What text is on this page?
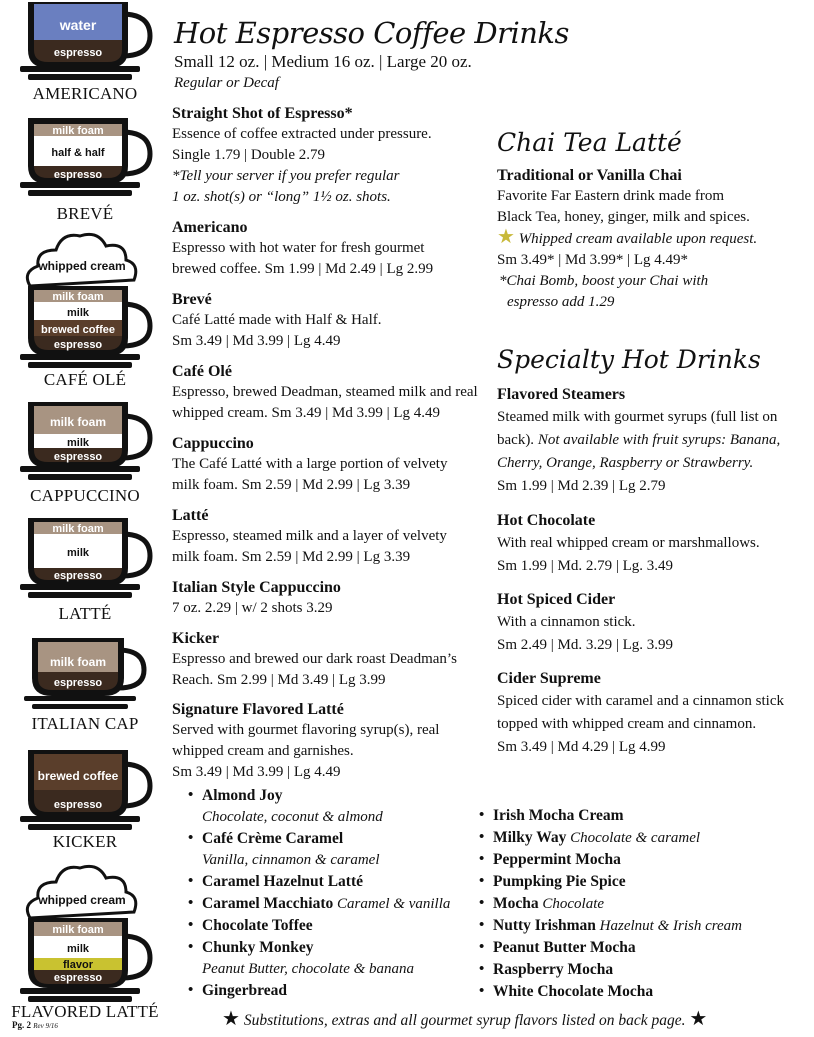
water
espresso
AMERICANO
milk foam
half & half
espresso
BREVÉ
whipped cream
milk foam
milk
brewed coffee
espresso
CAFÉ OLÉ
milk foam
milk
espresso
CAPPUCCINO
milk foam
milk
espresso
LATTÉ
milk foam
espresso
ITALIAN CAP
brewed coffee
espresso
KICKER
whipped cream
milk foam
milk
flavor
espresso
FLAVORED LATTÉ
Pg. 2 Rev 9/16
Hot Espresso Coffee Drinks
Small 12 oz. | Medium 16 oz. | Large 20 oz.
Regular or Decaf
Straight Shot of Espresso*
Essence of coffee extracted under pressure.
Single 1.79 | Double 2.79
*Tell your server if you prefer regular
1 oz. shot(s) or “long” 1½ oz. shots.
Americano
Espresso with hot water for fresh gourmet
brewed coffee. Sm 1.99 | Md 2.49 | Lg 2.99
Brevé
Café Latté made with Half & Half.
Sm 3.49 | Md 3.99 | Lg 4.49
Café Olé
Espresso, brewed Deadman, steamed milk and real
whipped cream. Sm 3.49 | Md 3.99 | Lg 4.49
Cappuccino
The Café Latté with a large portion of velvety
milk foam. Sm 2.59 | Md 2.99 | Lg 3.39
Latté
Espresso, steamed milk and a layer of velvety
milk foam. Sm 2.59 | Md 2.99 | Lg 3.39
Italian Style Cappuccino
7 oz. 2.29 | w/ 2 shots 3.29
Kicker
Espresso and brewed our dark roast Deadman’s
Reach. Sm 2.99 | Md 3.49 | Lg 3.99
Signature Flavored Latté
Served with gourmet flavoring syrup(s), real
whipped cream and garnishes.
Sm 3.49 | Md 3.99 | Lg 4.49
• Almond Joy
Chocolate, coconut & almond
• Café Crème Caramel
Vanilla, cinnamon & caramel
• Caramel Hazelnut Latté
• Caramel Macchiato Caramel & vanilla
• Chocolate Toffee
• Chunky Monkey
Peanut Butter, chocolate & banana
• Gingerbread
Chai Tea Latté
Traditional or Vanilla Chai
Favorite Far Eastern drink made from
Black Tea, honey, ginger, milk and spices.
★ Whipped cream available upon request.
Sm 3.49* | Md 3.99* | Lg 4.49*
*Chai Bomb, boost your Chai with
espresso add 1.29
Specialty Hot Drinks
Flavored Steamers
Steamed milk with gourmet syrups (full list on
back). Not available with fruit syrups: Banana,
Cherry, Orange, Raspberry or Strawberry.
Sm 1.99 | Md 2.39 | Lg 2.79
Hot Chocolate
With real whipped cream or marshmallows.
Sm 1.99 | Md. 2.79 | Lg. 3.49
Hot Spiced Cider
With a cinnamon stick.
Sm 2.49 | Md. 3.29 | Lg. 3.99
Cider Supreme
Spiced cider with caramel and a cinnamon stick
topped with whipped cream and cinnamon.
Sm 3.49 | Md 4.29 | Lg 4.99
• Irish Mocha Cream
• Milky Way Chocolate & caramel
• Peppermint Mocha
• Pumpking Pie Spice
• Mocha Chocolate
• Nutty Irishman Hazelnut & Irish cream
• Peanut Butter Mocha
• Raspberry Mocha
• White Chocolate Mocha
★ Substitutions, extras and all gourmet syrup flavors listed on back page. ★
